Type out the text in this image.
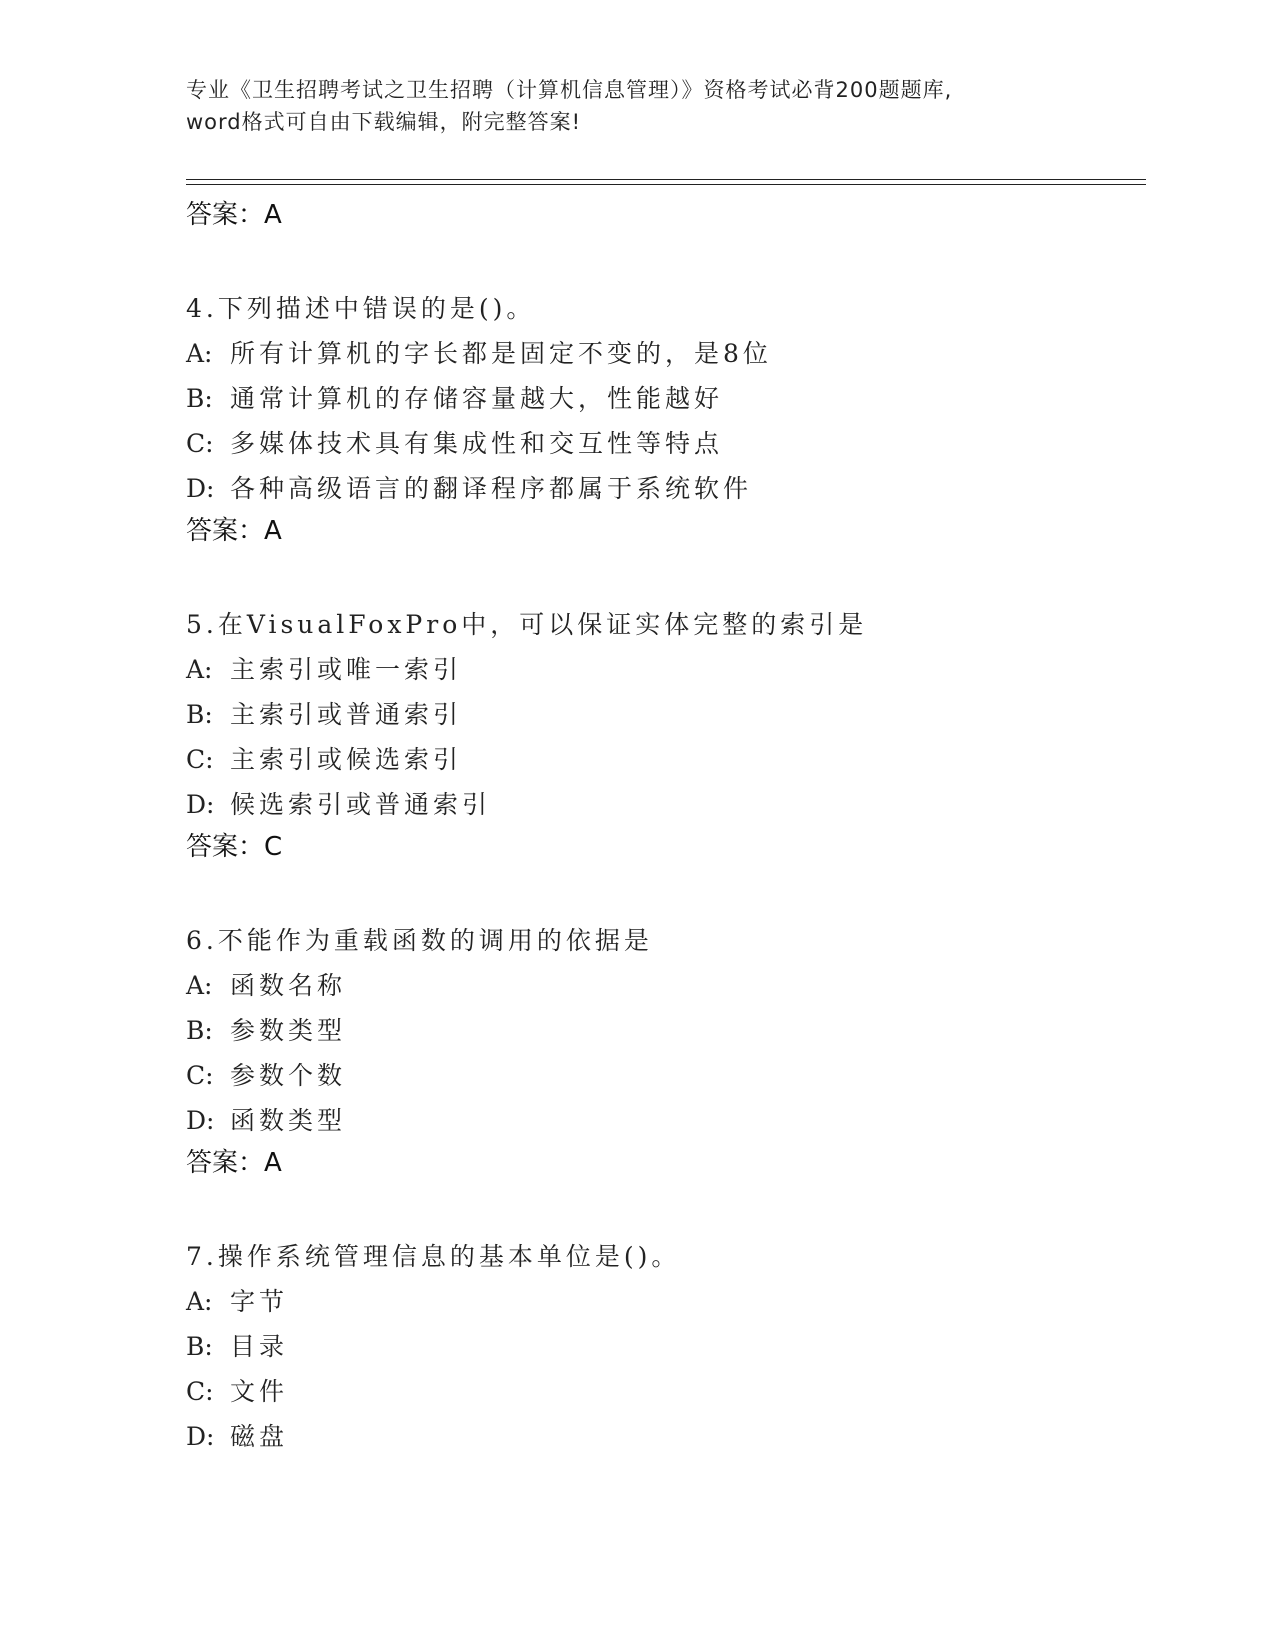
专业《卫生招聘考试之卫生招聘（计算机信息管理）》资格考试必背200题题库,
word格式可自由下载编辑，附完整答案!
答案：A
4.下列描述中错误的是()。
A: 所有计算机的字长都是固定不变的，是8位
B: 通常计算机的存储容量越大，性能越好
C: 多媒体技术具有集成性和交互性等特点
D: 各种高级语言的翻译程序都属于系统软件
答案：A
5.在VisualFoxPro中，可以保证实体完整的索引是
A: 主索引或唯一索引
B: 主索引或普通索引
C: 主索引或候选索引
D: 候选索引或普通索引
答案：C
6.不能作为重载函数的调用的依据是
A: 函数名称
B: 参数类型
C: 参数个数
D: 函数类型
答案：A
7.操作系统管理信息的基本单位是()。
A: 字节
B: 目录
C: 文件
D: 磁盘
